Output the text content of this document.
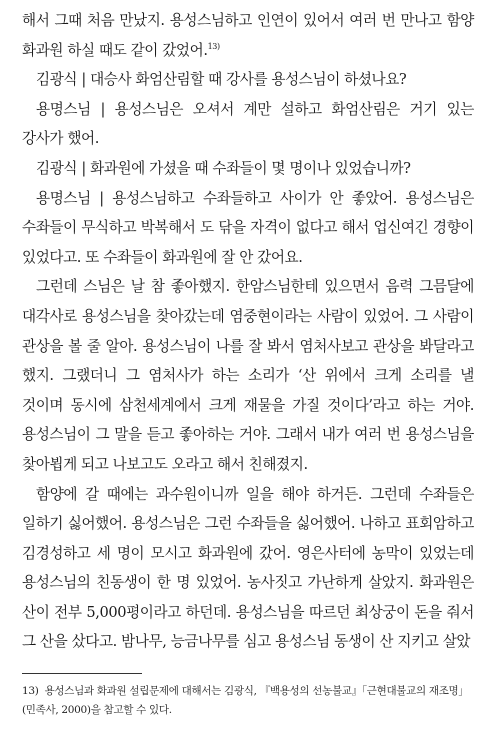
해서 그때 처음 만났지. 용성스님하고 인연이 있어서 여러 번 만나고 함양 화과원 하실 때도 같이 갔었어.$^{13)}$

김광식 | 대승사 화엄산림할 때 강사를 용성스님이 하셨나요?

용명스님 | 용성스님은 오셔서 계만 설하고 화엄산림은 거기 있는 강사가 했어.

김광식 | 화과원에 가셨을 때 수좌들이 몇 명이나 있었습니까?

용명스님 | 용성스님하고 수좌들하고 사이가 안 좋았어. 용성스님은 수좌들이 무식하고 박복해서 도 닦을 자격이 없다고 해서 업신여긴 경향이 있었다고. 또 수좌들이 화과원에 잘 안 갔어요.

그런데 스님은 날 참 좋아했지. 한암스님한테 있으면서 음력 그믐달에 대각사로 용성스님을 찾아갔는데 염중현이라는 사람이 있었어. 그 사람이 관상을 볼 줄 알아. 용성스님이 나를 잘 봐서 염처사보고 관상을 봐달라고 했지. 그랬더니 그 염처사가 하는 소리가 ‘산 위에서 크게 소리를 낼 것이며 동시에 삼천세계에서 크게 재물을 가질 것이다’라고 하는 거야. 용성스님이 그 말을 듣고 좋아하는 거야. 그래서 내가 여러 번 용성스님을 찾아뵙게 되고 나보고도 오라고 해서 친해졌지.

함양에 갈 때에는 과수원이니까 일을 해야 하거든. 그런데 수좌들은 일하기 싫어했어. 용성스님은 그런 수좌들을 싫어했어. 나하고 표회암하고 김경성하고 세 명이 모시고 화과원에 갔어. 영은사터에 농막이 있었는데 용성스님의 친동생이 한 명 있었어. 농사짓고 가난하게 살았지. 화과원은 산이 전부 5,000평이라고 하던데. 용성스님을 따르던 최상궁이 돈을 줘서 그 산을 샀다고. 밤나무, 능금나무를 심고 용성스님 동생이 산 지키고 살았

13) 용성스님과 화과원 설립문제에 대해서는 김광식, 『백용성의 선농불교』「근현대불교의 재조명」(민족사, 2000)을 참고할 수 있다.
